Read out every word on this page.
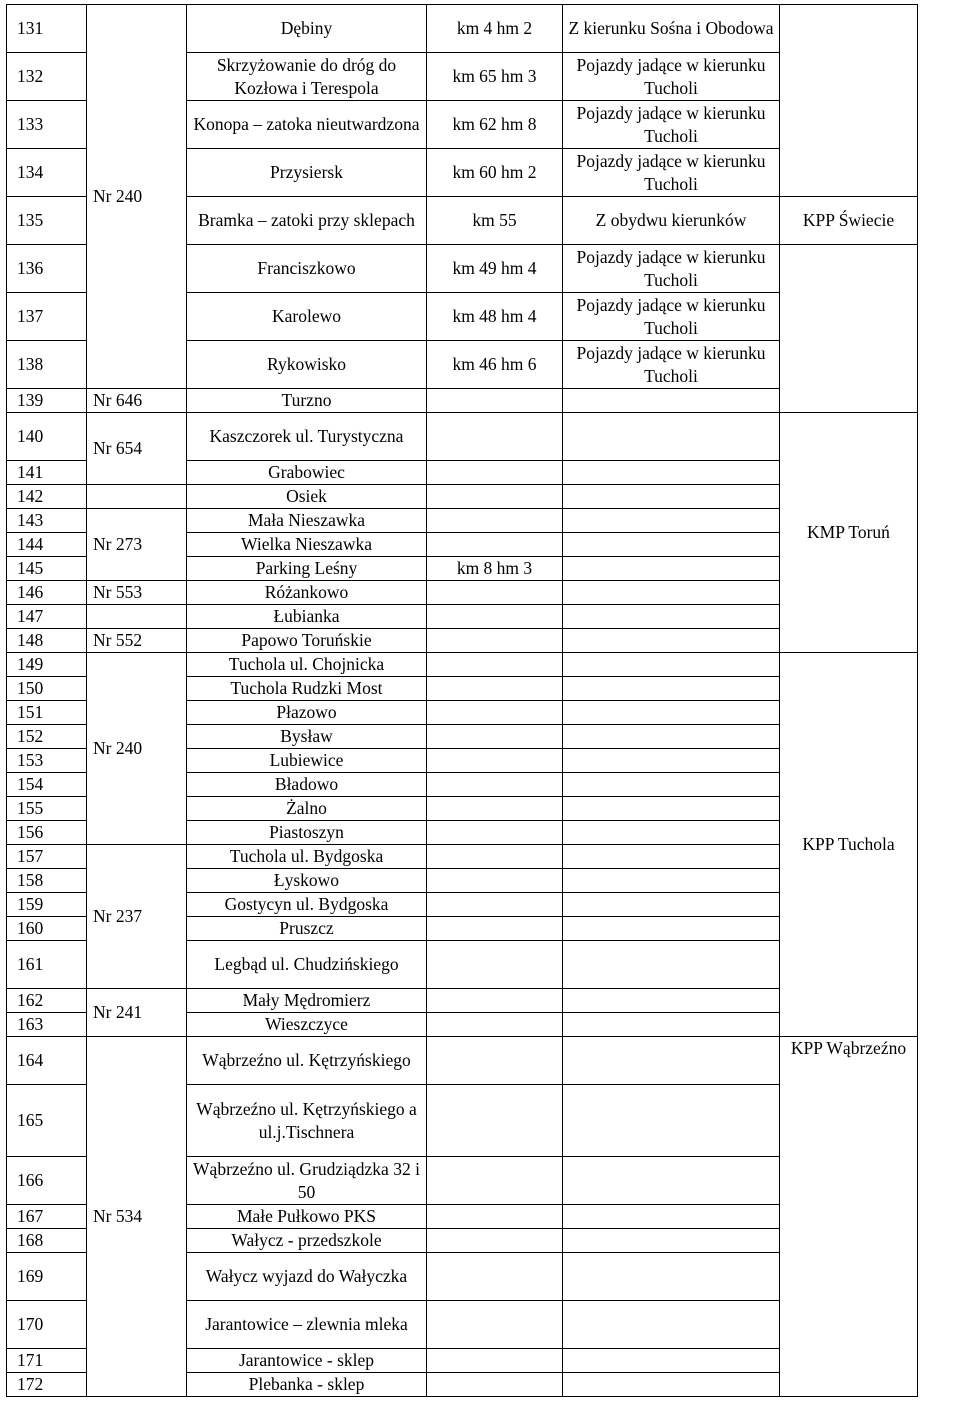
131	Nr 240	Dębiny	km 4 hm 2	Z kierunku Sośna i Obodowa	
132		Skrzyżowanie do dróg do Kozłowa i Terespola	km 65 hm 3	Pojazdy jadące w kierunku Tucholi	
133		Konopa – zatoka nieutwardzona	km 62 hm 8	Pojazdy jadące w kierunku Tucholi	
134		Przysiersk	km 60 hm 2	Pojazdy jadące w kierunku Tucholi	
135		Bramka – zatoki przy sklepach	km 55	Z obydwu kierunków	KPP Świecie
136		Franciszkowo	km 49 hm 4	Pojazdy jadące w kierunku Tucholi	
137		Karolewo	km 48 hm 4	Pojazdy jadące w kierunku Tucholi	
138		Rykowisko	km 46 hm 6	Pojazdy jadące w kierunku Tucholi	
139	Nr 646	Turzno			
140	Nr 654	Kaszczorek ul. Turystyczna			KMP Toruń
141		Grabowiec			
142		Osiek			
143	Nr 273	Mała Nieszawka			
144		Wielka Nieszawka			
145		Parking Leśny	km 8 hm 3		
146	Nr 553	Różankowo			
147		Łubianka			
148	Nr 552	Papowo Toruńskie			
149	Nr 240	Tuchola ul. Chojnicka			KPP Tuchola
150		Tuchola Rudzki Most			
151		Płazowo			
152		Bysław			
153		Lubiewice			
154		Bładowo			
155		Żalno			
156		Piastoszyn			
157	Nr 237	Tuchola ul. Bydgoska			
158		Łyskowo			
159		Gostycyn ul. Bydgoska			
160		Pruszcz			
161		Legbąd ul. Chudzińskiego			
162	Nr 241	Mały Mędromierz			
163		Wieszczyce			
164	Nr 534	Wąbrzeźno ul. Kętrzyńskiego			KPP Wąbrzeźno
165		Wąbrzeźno ul. Kętrzyńskiego a ul.j.Tischnera			
166		Wąbrzeźno ul. Grudziądzka 32 i 50			
167		Małe Pułkowo PKS			
168		Wałycz - przedszkole			
169		Wałycz wyjazd do Wałyczka			
170		Jarantowice – zlewnia mleka			
171		Jarantowice - sklep			
172		Plebanka - sklep			
